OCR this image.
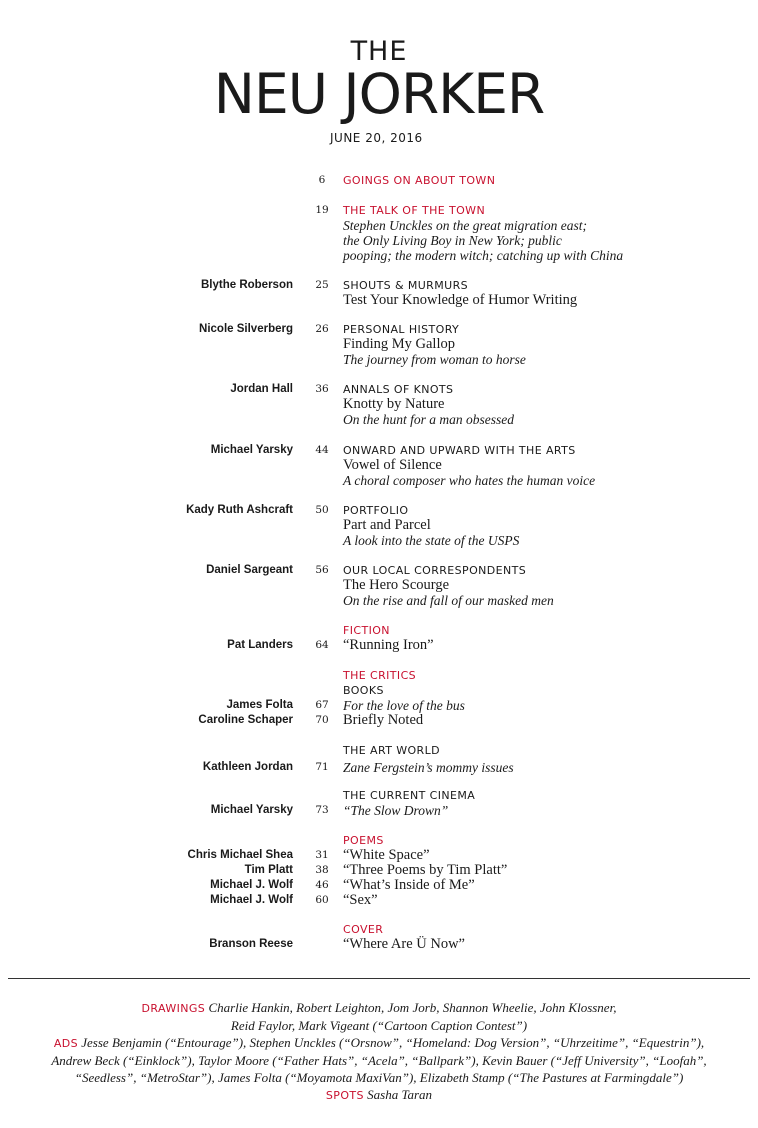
THE
NEU JORKER
JUNE 20, 2016
6	GOINGS ON ABOUT TOWN
19	THE TALK OF THE TOWN
Stephen Unckles on the great migration east;
the Only Living Boy in New York; public
pooping; the modern witch; catching up with China
Blythe Roberson	25	SHOUTS & MURMURS
Test Your Knowledge of Humor Writing
Nicole Silverberg	26	PERSONAL HISTORY
Finding My Gallop
The journey from woman to horse
Jordan Hall	36	ANNALS OF KNOTS
Knotty by Nature
On the hunt for a man obsessed
Michael Yarsky	44	ONWARD AND UPWARD WITH THE ARTS
Vowel of Silence
A choral composer who hates the human voice
Kady Ruth Ashcraft	50	PORTFOLIO
Part and Parcel
A look into the state of the USPS
Daniel Sargeant	56	OUR LOCAL CORRESPONDENTS
The Hero Scourge
On the rise and fall of our masked men
FICTION
Pat Landers	64 “Running Iron”
THE CRITICS
BOOKS
James Folta	67	For the love of the bus
Caroline Schaper	70 Briefly Noted
THE ART WORLD
Kathleen Jordan	71	Zane Fergstein’s mommy issues
THE CURRENT CINEMA
Michael Yarsky	73	“The Slow Drown”
POEMS
Chris Michael Shea	31 “White Space”
Tim Platt	38 “Three Poems by Tim Platt”
Michael J. Wolf	46 “What’s Inside of Me”
Michael J. Wolf	60 “Sex”
COVER
Branson Reese	“Where Are Ü Now”

DRAWINGS Charlie Hankin, Robert Leighton, Jom Jorb, Shannon Wheelie, John Klossner,

Reid Faylor, Mark Vigeant (“Cartoon Caption Contest”)

ADS Jesse Benjamin (“Entourage”), Stephen Unckles (“Orsnow”, “Homeland: Dog Version”, “Uhrzeitime”, “Equestrin”),

Andrew Beck (“Einklock”), Taylor Moore (“Father Hats”, “Acela”, “Ballpark”), Kevin Bauer (“Jeff University”, “Loofah”,

“Seedless”, “MetroStar”), James Folta (“Moyamota MaxiVan”), Elizabeth Stamp (“The Pastures at Farmingdale”)

SPOTS Sasha Taran
